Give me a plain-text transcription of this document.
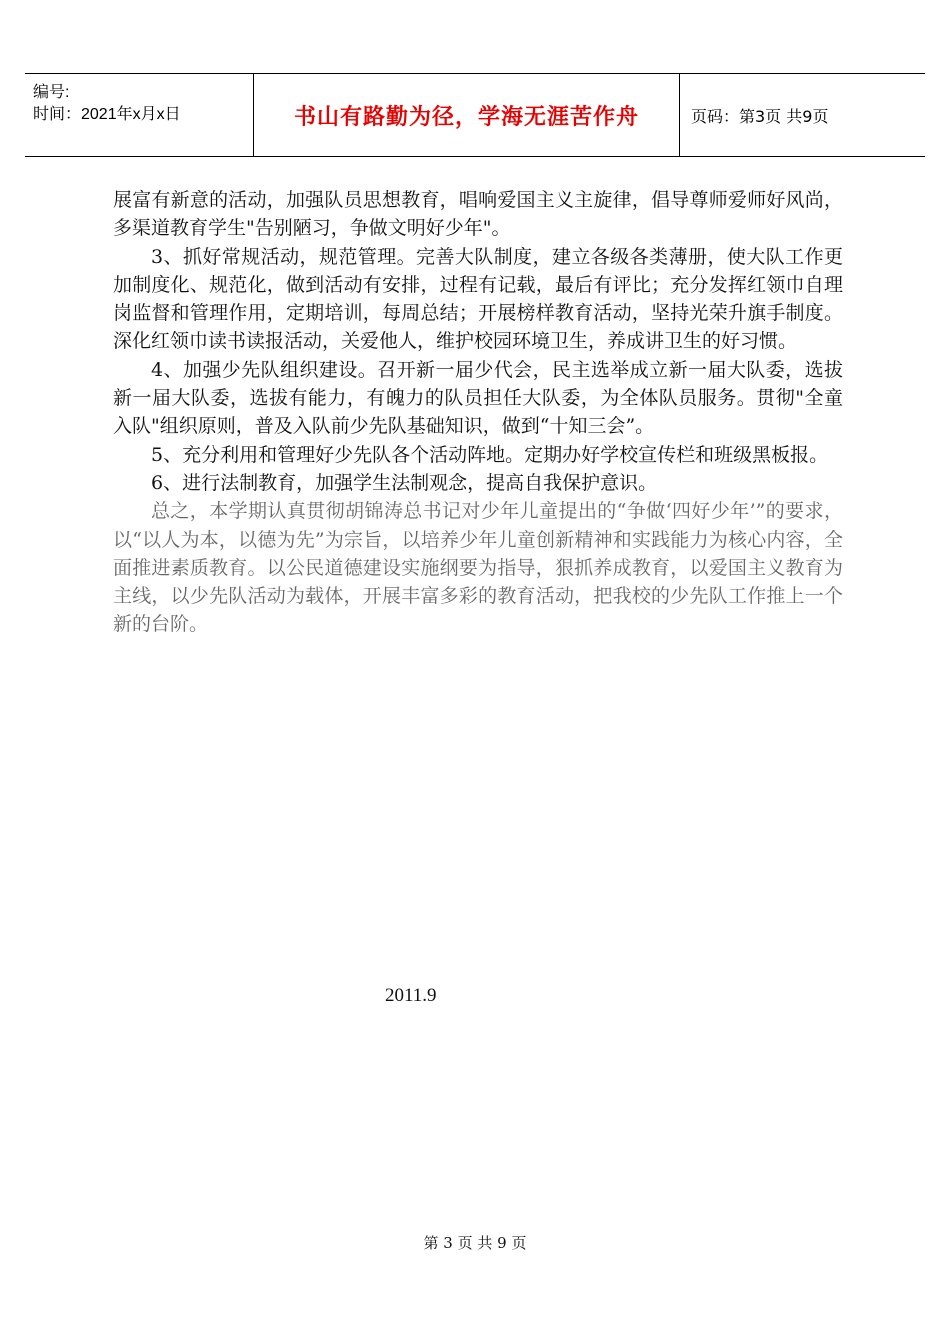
编号:
时间：2021年x月x日	书山有路勤为径，学海无涯苦作舟	页码：第3页 共9页

展富有新意的活动，加强队员思想教育，唱响爱国主义主旋律，倡导尊师爱师好风尚，多渠道教育学生"告别陋习，争做文明好少年"。

3、抓好常规活动，规范管理。完善大队制度，建立各级各类薄册，使大队工作更加制度化、规范化，做到活动有安排，过程有记载，最后有评比；充分发挥红领巾自理岗监督和管理作用，定期培训，每周总结；开展榜样教育活动，坚持光荣升旗手制度。深化红领巾读书读报活动，关爱他人，维护校园环境卫生，养成讲卫生的好习惯。

4、加强少先队组织建设。召开新一届少代会，民主选举成立新一届大队委，选拔新一届大队委，选拔有能力，有魄力的队员担任大队委，为全体队员服务。贯彻"全童入队"组织原则，普及入队前少先队基础知识，做到“十知三会”。

5、充分利用和管理好少先队各个活动阵地。定期办好学校宣传栏和班级黑板报。

6、进行法制教育，加强学生法制观念，提高自我保护意识。

总之，本学期认真贯彻胡锦涛总书记对少年儿童提出的“争做‘四好少年’”的要求，以“以人为本，以德为先”为宗旨，以培养少年儿童创新精神和实践能力为核心内容，全面推进素质教育。以公民道德建设实施纲要为指导，狠抓养成教育，以爱国主义教育为主线，以少先队活动为载体，开展丰富多彩的教育活动，把我校的少先队工作推上一个新的台阶。

2011.9
第 3 页 共 9 页
